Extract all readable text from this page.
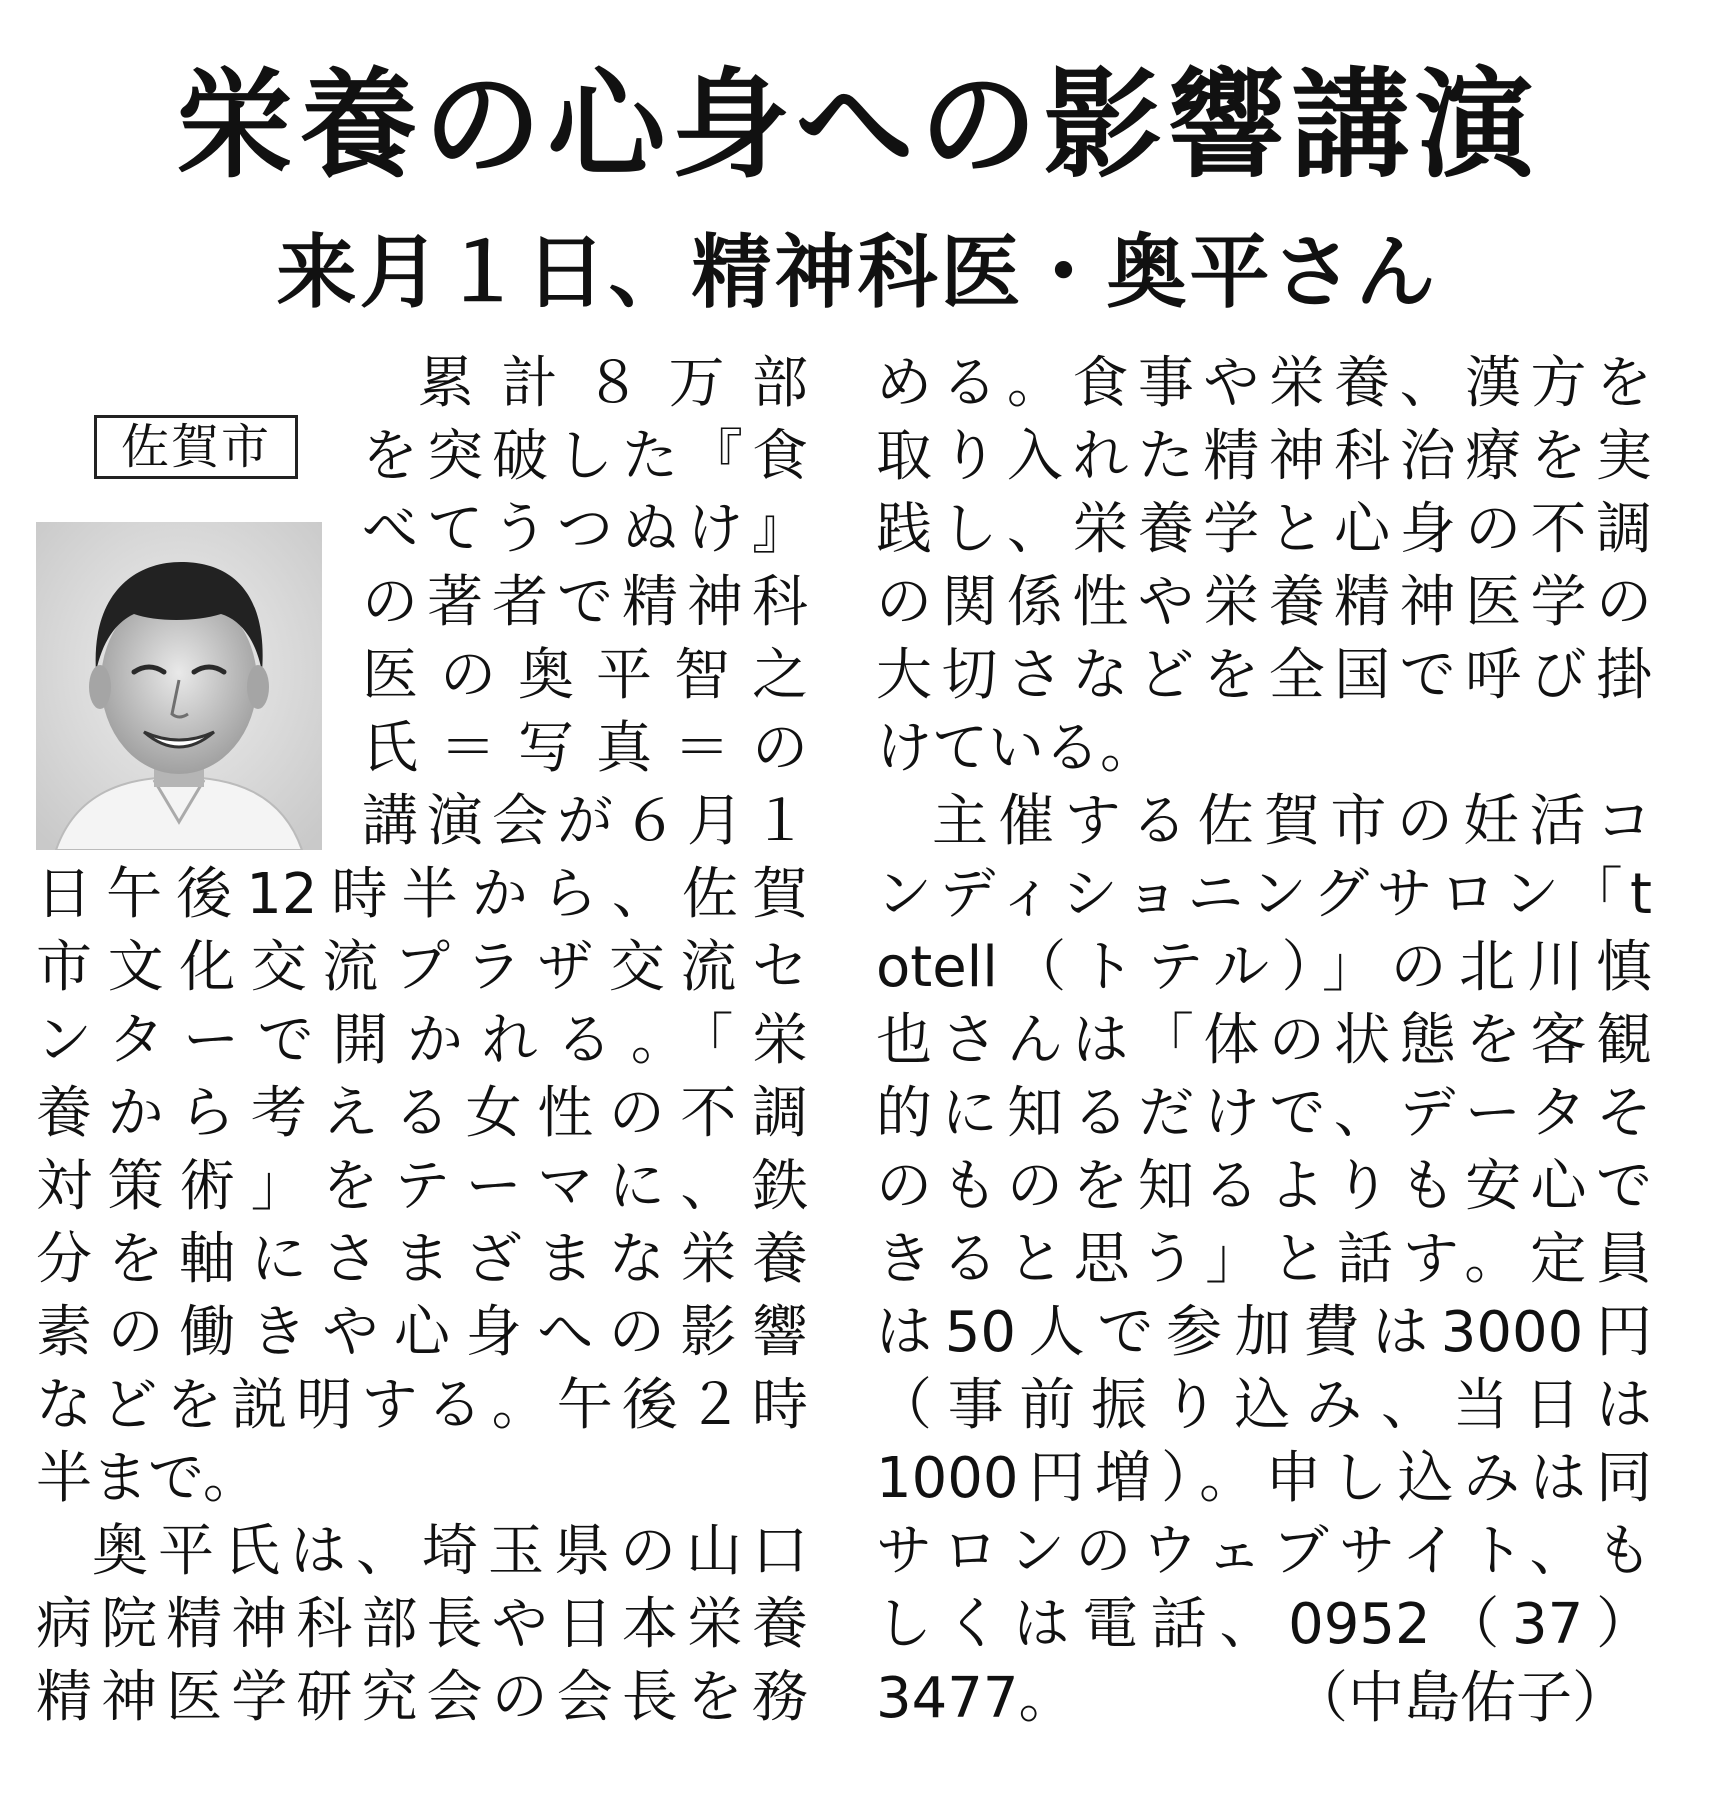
栄養の心身への影響講演
来月１日、精神科医・奥平さん
佐賀市
累計８万部
を突破した『食
べてうつぬけ』
の著者で精神科
医の奥平智之
氏＝写真＝の
講演会が６月１
日午後12時半から、佐賀
市文化交流プラザ交流セ
ンターで開かれる。「栄
養から考える女性の不調
対策術」をテーマに、鉄
分を軸にさまざまな栄養
素の働きや心身への影響
などを説明する。午後２時
半まで。
奥平氏は、埼玉県の山口
病院精神科部長や日本栄養
精神医学研究会の会長を務
める。食事や栄養、漢方を
取り入れた精神科治療を実
践し、栄養学と心身の不調
の関係性や栄養精神医学の
大切さなどを全国で呼び掛
けている。
主催する佐賀市の妊活コ
ンディショニングサロン「t
otell（トテル）」の北川慎
也さんは「体の状態を客観
的に知るだけで、データそ
のものを知るよりも安心で
きると思う」と話す。定員
は50人で参加費は3000円
（事前振り込み、当日は
1000円増）。申し込みは同
サロンのウェブサイト、も
しくは電話、0952（37）
3477。	（中島佑子）
